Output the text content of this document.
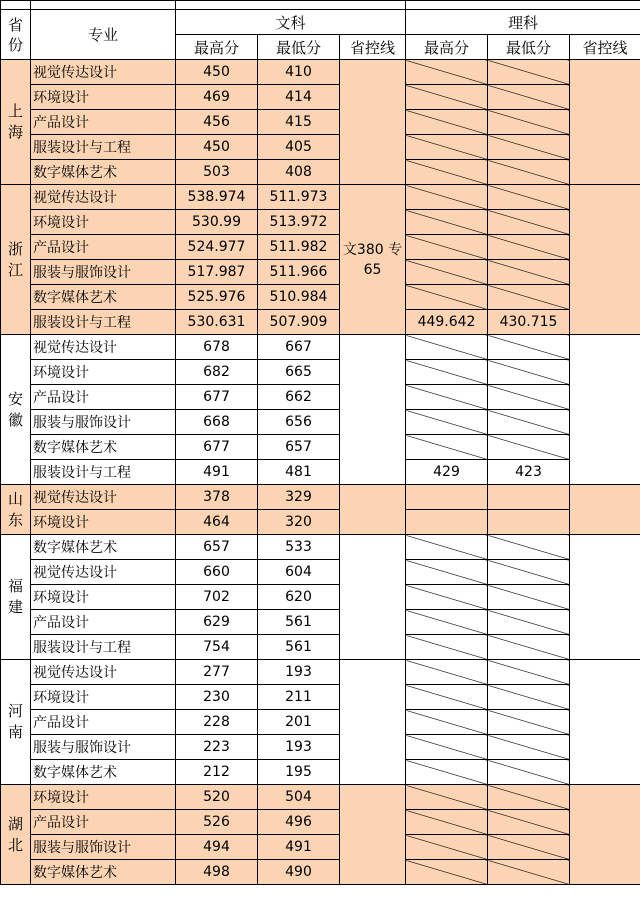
省份	专业	文科			理科		
		最高分	最低分	省控线	最高分	最低分	省控线
上海	视觉传达设计	450	410				
	环境设计	469	414				
	产品设计	456	415				
	服装设计与工程	450	405				
	数字媒体艺术	503	408				
浙江	视觉传达设计	538.974	511.973	文380 专65			
	环境设计	530.99	513.972				
	产品设计	524.977	511.982				
	服装与服饰设计	517.987	511.966				
	数字媒体艺术	525.976	510.984				
	服装设计与工程	530.631	507.909		449.642	430.715	
安徽	视觉传达设计	678	667				
	环境设计	682	665				
	产品设计	677	662				
	服装与服饰设计	668	656				
	数字媒体艺术	677	657				
	服装设计与工程	491	481		429	423	
山东	视觉传达设计	378	329				
	环境设计	464	320				
福建	数字媒体艺术	657	533				
	视觉传达设计	660	604				
	环境设计	702	620				
	产品设计	629	561				
	服装设计与工程	754	561				
河南	视觉传达设计	277	193				
	环境设计	230	211				
	产品设计	228	201				
	服装与服饰设计	223	193				
	数字媒体艺术	212	195				
湖北	环境设计	520	504				
	产品设计	526	496				
	服装与服饰设计	494	491				
	数字媒体艺术	498	490				
